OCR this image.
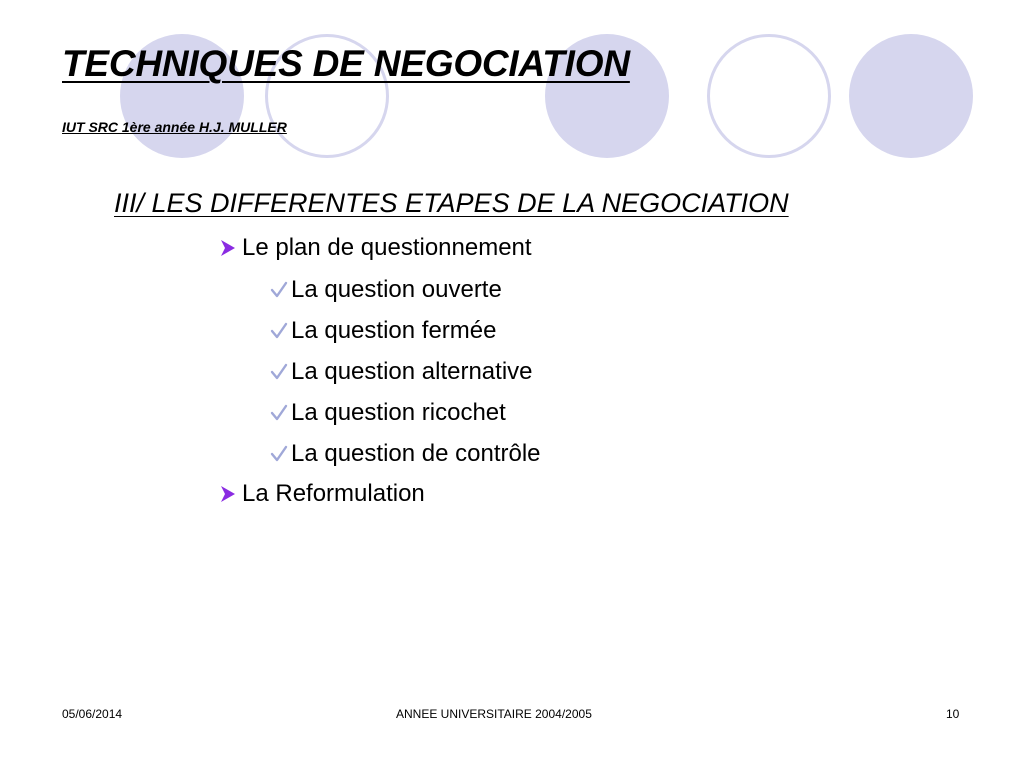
TECHNIQUES DE NEGOCIATION
IUT SRC 1ère année H.J. MULLER
III/ LES DIFFERENTES ETAPES DE LA NEGOCIATION
Le plan de questionnement
La question ouverte
La question fermée
La question alternative
La question ricochet
La question de contrôle
La Reformulation
05/06/2014	ANNEE UNIVERSITAIRE 2004/2005	10
